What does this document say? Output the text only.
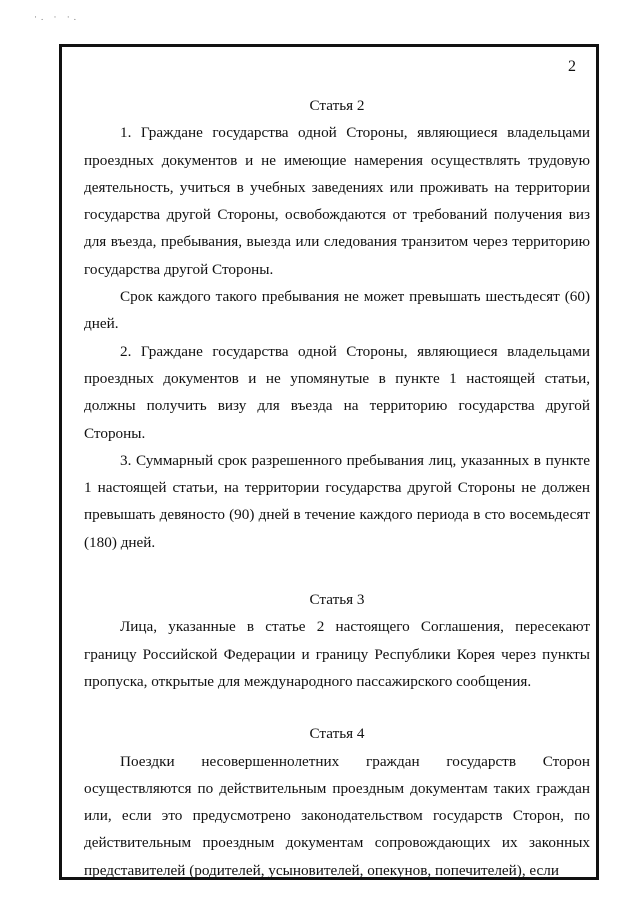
·. · ·.
2

Статья 2

1. Граждане государства одной Стороны, являющиеся владельцами проездных документов и не имеющие намерения осуществлять трудовую деятельность, учиться в учебных заведениях или проживать на территории государства другой Стороны, освобождаются от требований получения виз для въезда, пребывания, выезда или следования транзитом через территорию государства другой Стороны.

Срок каждого такого пребывания не может превышать шестьдесят (60) дней.

2. Граждане государства одной Стороны, являющиеся владельцами проездных документов и не упомянутые в пункте 1 настоящей статьи, должны получить визу для въезда на территорию государства другой Стороны.

3. Суммарный срок разрешенного пребывания лиц, указанных в пункте 1 настоящей статьи, на территории государства другой Стороны не должен превышать девяносто (90) дней в течение каждого периода в сто восемьдесят (180) дней.

Статья 3

Лица, указанные в статье 2 настоящего Соглашения, пересекают границу Российской Федерации и границу Республики Корея через пункты пропуска, открытые для международного пассажирского сообщения.

Статья 4

Поездки несовершеннолетних граждан государств Сторон осуществляются по действительным проездным документам таких граждан или, если это предусмотрено законодательством государств Сторон, по действительным проездным документам сопровождающих их законных представителей (родителей, усыновителей, опекунов, попечителей), если
